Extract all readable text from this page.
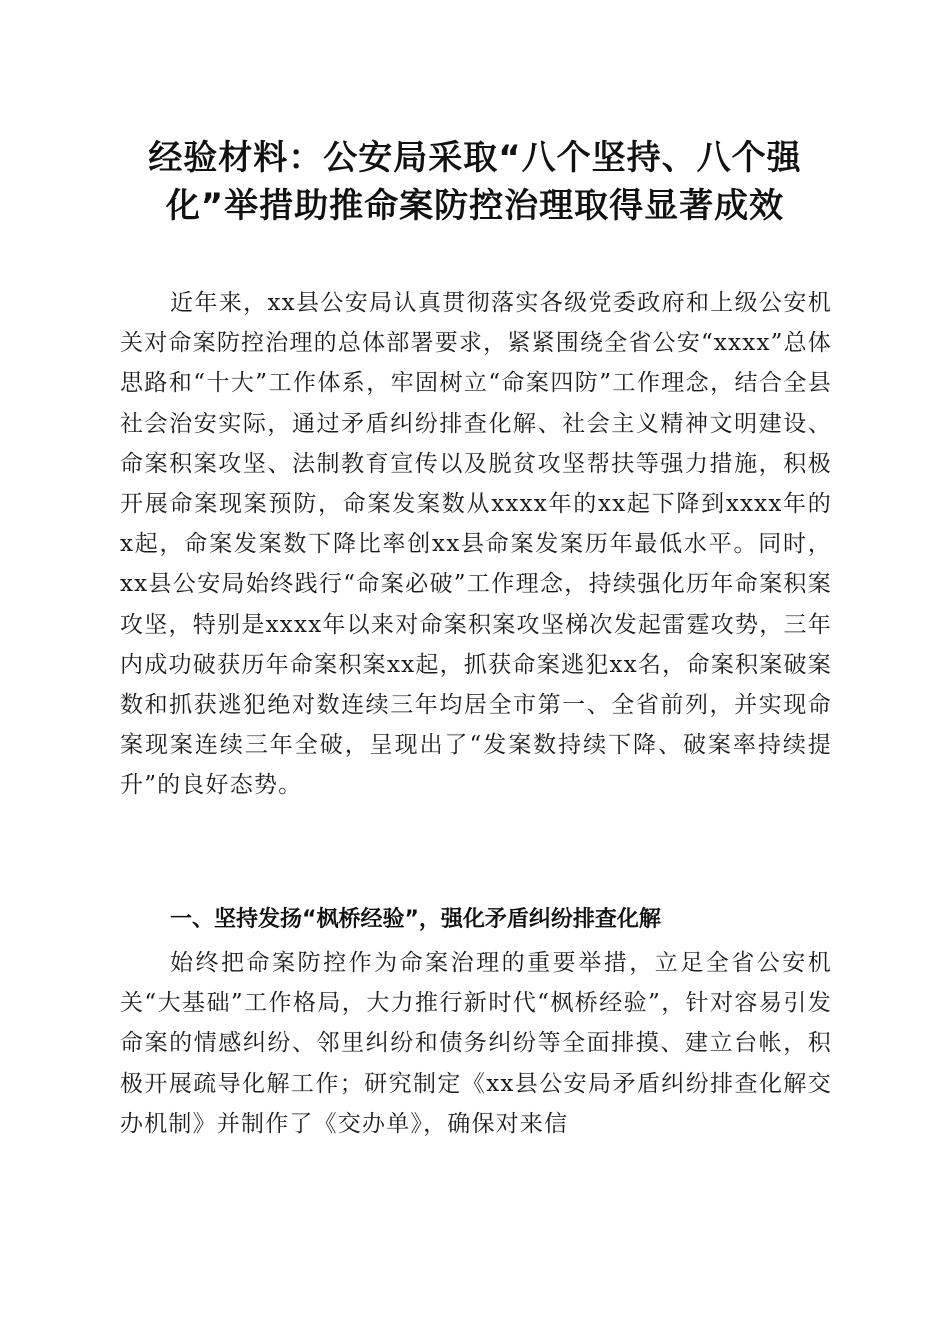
经验材料：公安局采取“八个坚持、八个强化”举措助推命案防控治理取得显著成效

近年来，xx县公安局认真贯彻落实各级党委政府和上级公安机关对命案防控治理的总体部署要求，紧紧围绕全省公安“xxxx”总体思路和“十大”工作体系，牢固树立“命案四防”工作理念，结合全县社会治安实际，通过矛盾纠纷排查化解、社会主义精神文明建设、命案积案攻坚、法制教育宣传以及脱贫攻坚帮扶等强力措施，积极开展命案现案预防，命案发案数从xxxx年的xx起下降到xxxx年的x起，命案发案数下降比率创xx县命案发案历年最低水平。同时，xx县公安局始终践行“命案必破”工作理念，持续强化历年命案积案攻坚，特别是xxxx年以来对命案积案攻坚梯次发起雷霆攻势，三年内成功破获历年命案积案xx起，抓获命案逃犯xx名，命案积案破案数和抓获逃犯绝对数连续三年均居全市第一、全省前列，并实现命案现案连续三年全破，呈现出了“发案数持续下降、破案率持续提升”的良好态势。

一、坚持发扬“枫桥经验”，强化矛盾纠纷排查化解

始终把命案防控作为命案治理的重要举措，立足全省公安机关“大基础”工作格局，大力推行新时代“枫桥经验”，针对容易引发命案的情感纠纷、邻里纠纷和债务纠纷等全面排摸、建立台帐，积极开展疏导化解工作；研究制定《xx县公安局矛盾纠纷排查化解交办机制》并制作了《交办单》，确保对来信
